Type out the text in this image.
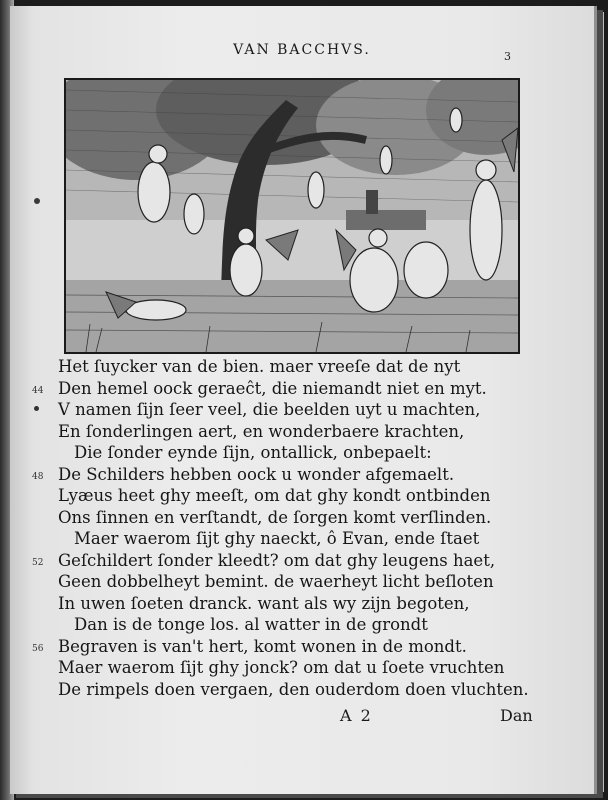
VAN BACCHVS.	3
Het ſuycker van de bien. maer vreeſe dat de nyt
44 Den hemel oock geraeĉt, die niemandt niet en myt.
V namen ſijn ſeer veel, die beelden uyt u machten,
En ſonderlingen aert, en wonderbaere krachten,
Die ſonder eynde ſijn, ontallick, onbepaelt:
48 De Schilders hebben oock u wonder afgemaelt.
Lyæus heet ghy meeſt, om dat ghy kondt ontbinden
Ons ſinnen en verſtandt, de ſorgen komt verſlinden.
Maer waerom ſijt ghy naeckt, ô Evan, ende ſtaet
52 Geſchildert ſonder kleedt? om dat ghy leugens haet,
Geen dobbelheyt bemint. de waerheyt licht beſloten
In uwen ſoeten dranck. want als wy zijn begoten,
Dan is de tonge los. al watter in de grondt
56 Begraven is van't hert, komt wonen in de mondt.
Maer waerom ſijt ghy jonck? om dat u ſoete vruchten
De rimpels doen vergaen, den ouderdom doen vluchten.
A 2	Dan
